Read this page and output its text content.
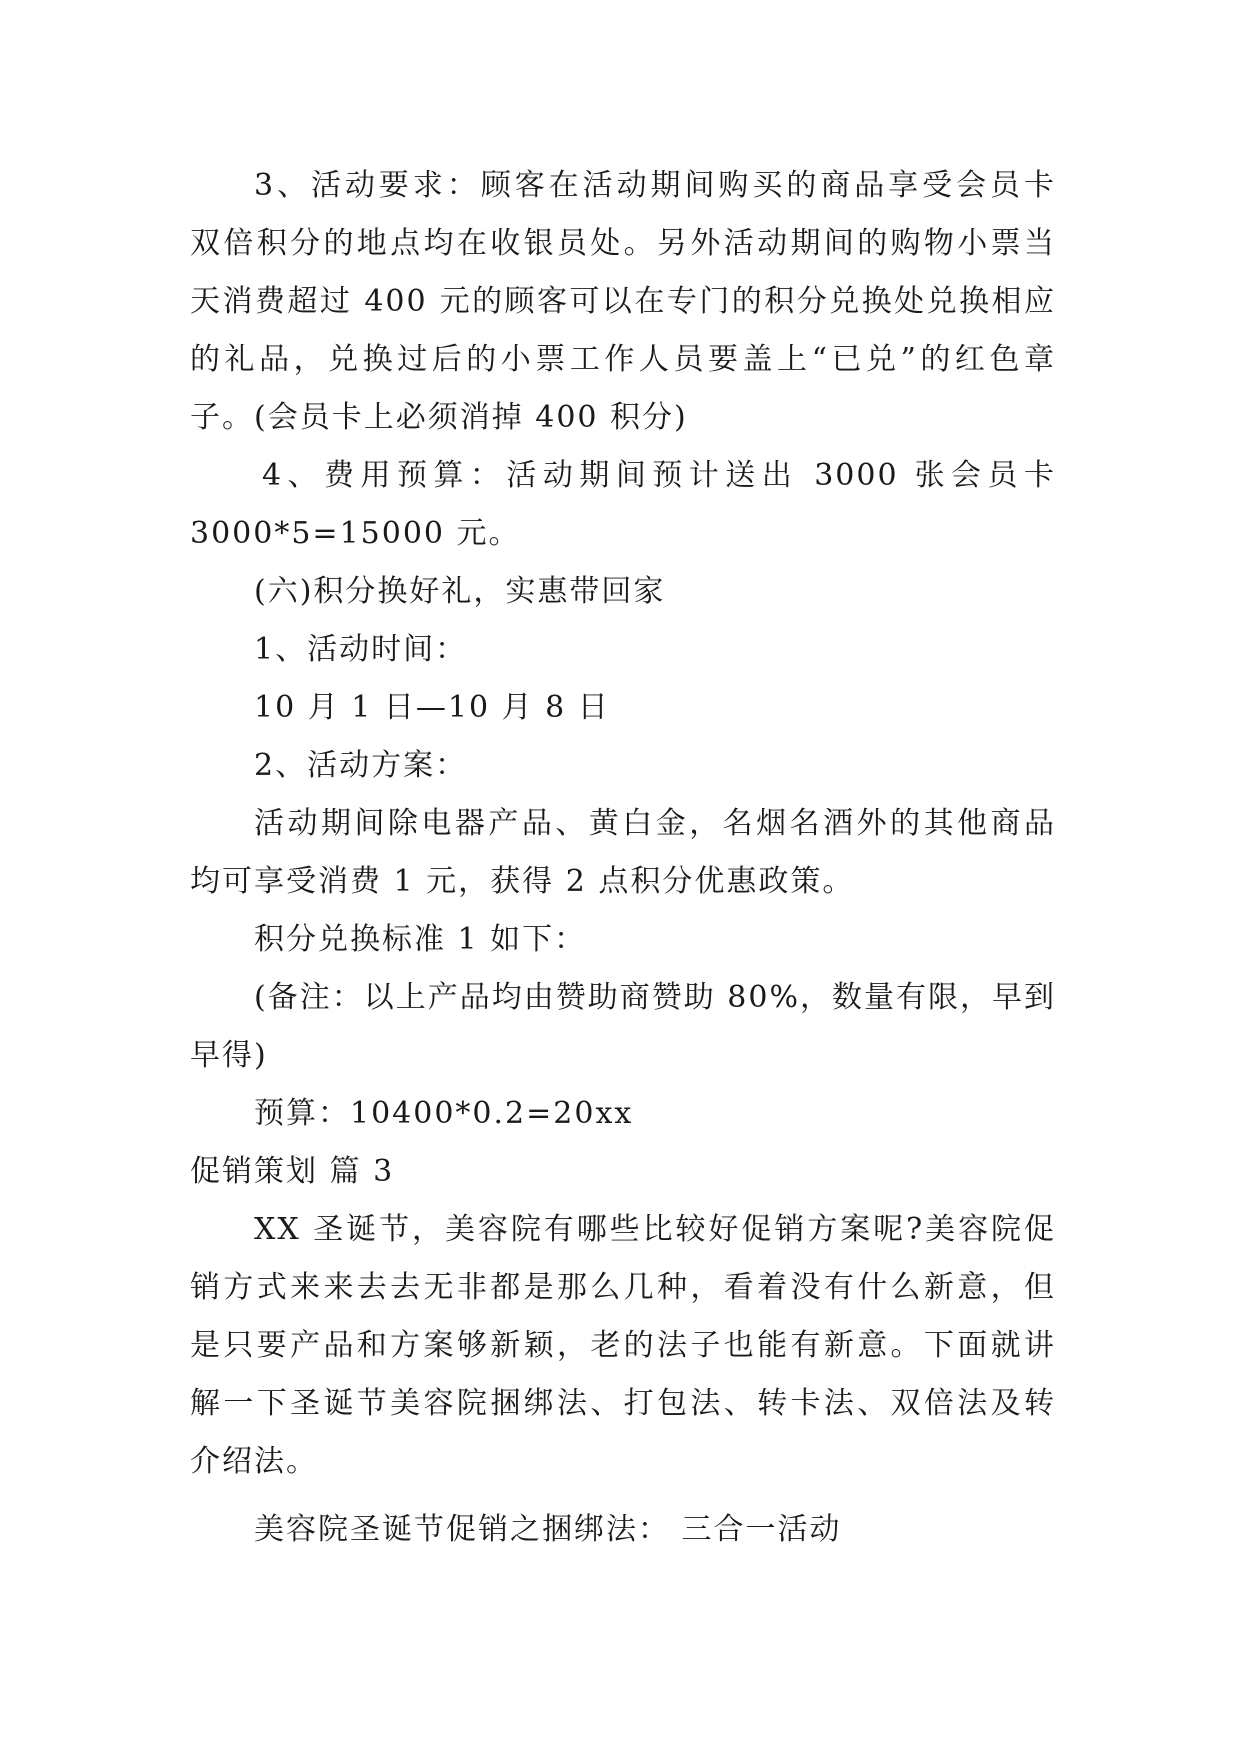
3、活动要求：顾客在活动期间购买的商品享受会员卡
双倍积分的地点均在收银员处。另外活动期间的购物小票当
天消费超过 400 元的顾客可以在专门的积分兑换处兑换相应
的礼品，兑换过后的小票工作人员要盖上“已兑”的红色章
子。(会员卡上必须消掉 400 积分)
4、费用预算：活动期间预计送出 3000 张会员卡
3000*5=15000 元。
(六)积分换好礼，实惠带回家
1、活动时间：
10 月 1 日—10 月 8 日
2、活动方案：
活动期间除电器产品、黄白金，名烟名酒外的其他商品
均可享受消费 1 元，获得 2 点积分优惠政策。
积分兑换标准 1 如下：
(备注：以上产品均由赞助商赞助 80%，数量有限，早到
早得)
预算：10400*0.2=20xx
促销策划 篇 3
XX 圣诞节，美容院有哪些比较好促销方案呢?美容院促
销方式来来去去无非都是那么几种，看着没有什么新意，但
是只要产品和方案够新颖，老的法子也能有新意。下面就讲
解一下圣诞节美容院捆绑法、打包法、转卡法、双倍法及转
介绍法。
美容院圣诞节促销之捆绑法： 三合一活动
